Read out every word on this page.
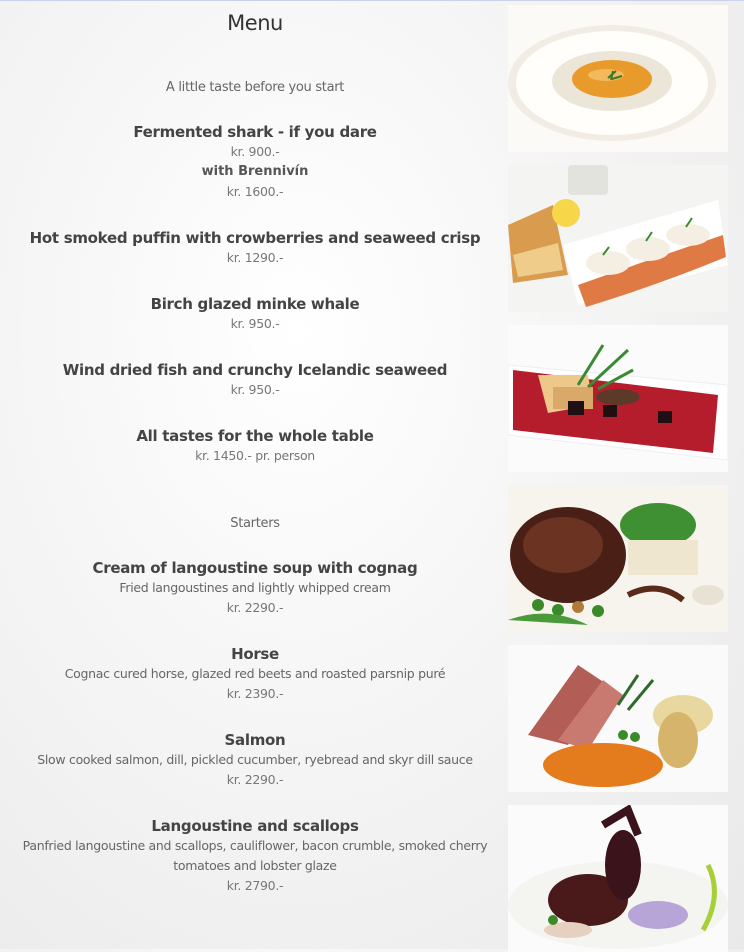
Menu
A little taste before you start
Fermented shark - if you dare
kr. 900.-
with Brennivín
kr. 1600.-
Hot smoked puffin with crowberries and seaweed crisp
kr. 1290.-
Birch glazed minke whale
kr. 950.-
Wind dried fish and crunchy Icelandic seaweed
kr. 950.-
All tastes for the whole table
kr. 1450.- pr. person
Starters
Cream of langoustine soup with cognag
Fried langoustines and lightly whipped cream
kr. 2290.-
Horse
Cognac cured horse, glazed red beets and roasted parsnip puré
kr. 2390.-
Salmon
Slow cooked salmon, dill, pickled cucumber, ryebread and skyr dill sauce
kr. 2290.-
Langoustine and scallops
Panfried langoustine and scallops, cauliflower, bacon crumble, smoked cherry tomatoes and lobster glaze
kr. 2790.-
